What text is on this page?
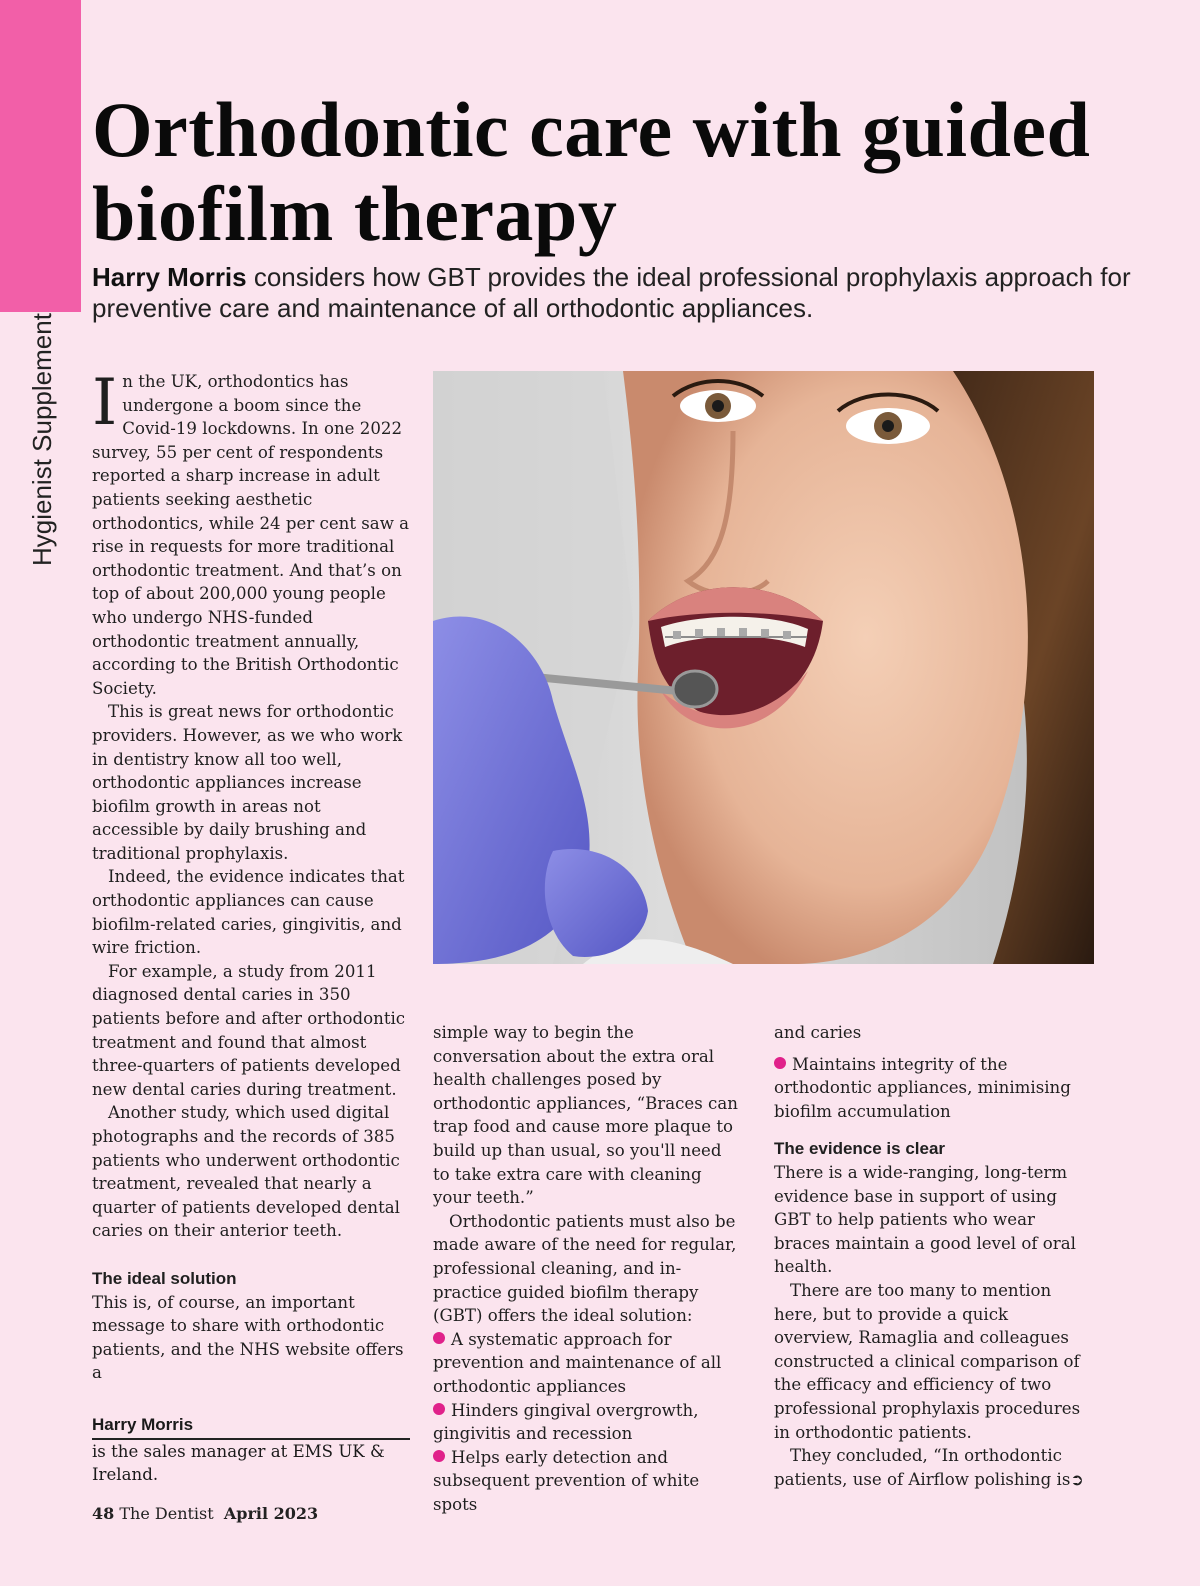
Hygienist Supplement
Orthodontic care with guided biofilm therapy
Harry Morris considers how GBT provides the ideal professional prophylaxis approach for preventive care and maintenance of all orthodontic appliances.

In the UK, orthodontics has undergone a boom since the Covid-19 lockdowns. In one 2022 survey, 55 per cent of respondents reported a sharp increase in adult patients seeking aesthetic orthodontics, while 24 per cent saw a rise in requests for more traditional orthodontic treatment. And that’s on top of about 200,000 young people who undergo NHS-funded orthodontic treatment annually, according to the British Orthodontic Society.

This is great news for orthodontic providers. However, as we who work in dentistry know all too well, orthodontic appliances increase biofilm growth in areas not accessible by daily brushing and traditional prophylaxis.

Indeed, the evidence indicates that orthodontic appliances can cause biofilm-related caries, gingivitis, and wire friction.

For example, a study from 2011 diagnosed dental caries in 350 patients before and after orthodontic treatment and found that almost three-quarters of patients developed new dental caries during treatment.

Another study, which used digital photographs and the records of 385 patients who underwent orthodontic treatment, revealed that nearly a quarter of patients developed dental caries on their anterior teeth.

The ideal solution

This is, of course, an important message to share with orthodontic patients, and the NHS website offers a

simple way to begin the conversation about the extra oral health challenges posed by orthodontic appliances, “Braces can trap food and cause more plaque to build up than usual, so you'll need to take extra care with cleaning your teeth.”

Orthodontic patients must also be made aware of the need for regular, professional cleaning, and in-practice guided biofilm therapy (GBT) offers the ideal solution:

A systematic approach for prevention and maintenance of all orthodontic appliances

Hinders gingival overgrowth, gingivitis and recession

Helps early detection and subsequent prevention of white spots

and caries

Maintains integrity of the orthodontic appliances, minimising biofilm accumulation

The evidence is clear

There is a wide-ranging, long-term evidence base in support of using GBT to help patients who wear braces maintain a good level of oral health.

There are too many to mention here, but to provide a quick overview, Ramaglia and colleagues constructed a clinical comparison of the efficacy and efficiency of two professional prophylaxis procedures in orthodontic patients.

They concluded, “In orthodontic patients, use of Airflow polishing is➲

Harry Morris
is the sales manager at EMS UK & Ireland.
48 The Dentist April 2023
